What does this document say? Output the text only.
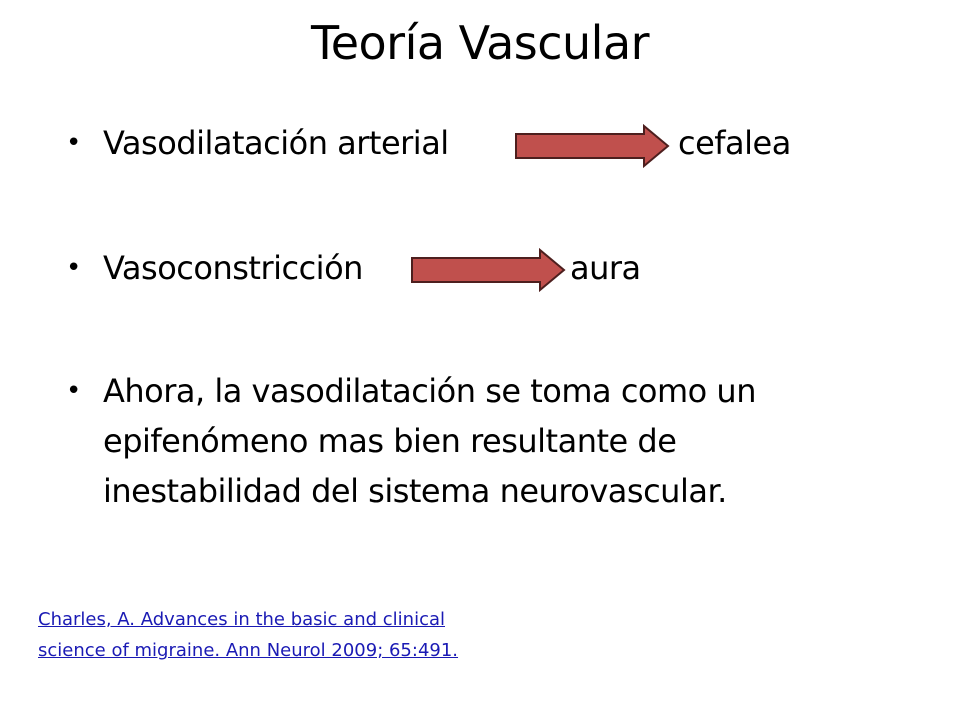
Teoría Vascular
• Vasodilatación arterial	cefalea
• Vasoconstricción	aura
• Ahora, la vasodilatación se toma como un epifenómeno mas bien resultante de inestabilidad del sistema neurovascular.
Charles, A. Advances in the basic and clinical
science of migraine. Ann Neurol 2009; 65:491.
